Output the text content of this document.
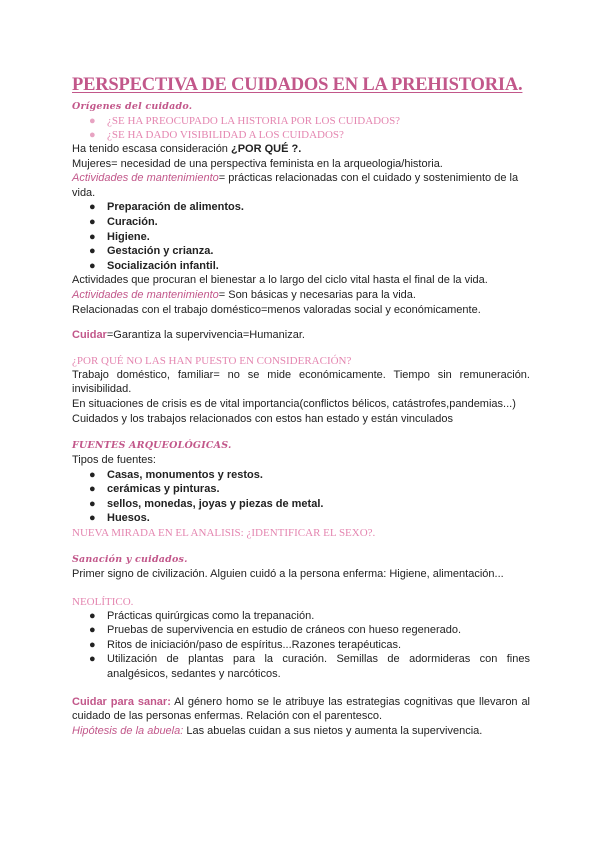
PERSPECTIVA DE CUIDADOS EN LA PREHISTORIA.
Orígenes del cuidado.
● ¿SE HA PREOCUPADO LA HISTORIA POR LOS CUIDADOS?
● ¿SE HA DADO VISIBILIDAD A LOS CUIDADOS?

Ha tenido escasa consideración ¿POR QUÉ ?.

Mujeres= necesidad de una perspectiva feminista en la arqueologia/historia.

Actividades de mantenimiento= prácticas relacionadas con el cuidado y sostenimiento de la vida.

● Preparación de alimentos.
● Curación.
● Higiene.
● Gestación y crianza.
● Socialización infantil.

Actividades que procuran el bienestar a lo largo del ciclo vital hasta el final de la vida.

Actividades de mantenimiento= Son básicas y necesarias para la vida.

Relacionadas con el trabajo doméstico=menos valoradas social y económicamente.

Cuidar=Garantiza la supervivencia=Humanizar.

¿POR QUÉ NO LAS HAN PUESTO EN CONSIDERACIÓN?

Trabajo doméstico, familiar= no se mide económicamente. Tiempo sin remuneración. invisibilidad.

En situaciones de crisis es de vital importancia(conflictos bélicos, catástrofes,pandemias...)

Cuidados y los trabajos relacionados con estos han estado y están vinculados

FUENTES ARQUEOLÓGICAS.

Tipos de fuentes:

● Casas, monumentos y restos.
● cerámicas y pinturas.
● sellos, monedas, joyas y piezas de metal.
● Huesos.
NUEVA MIRADA EN EL ANALISIS: ¿IDENTIFICAR EL SEXO?.
Sanación y cuidados.

Primer signo de civilización. Alguien cuidó a la persona enferma: Higiene, alimentación...

NEOLÍTICO.
● Prácticas quirúrgicas como la trepanación.
● Pruebas de supervivencia en estudio de cráneos con hueso regenerado.
● Ritos de iniciación/paso de espíritus...Razones terapéuticas.
● Utilización de plantas para la curación. Semillas de adormideras con fines analgésicos, sedantes y narcóticos.

Cuidar para sanar: Al género homo se le atribuye las estrategias cognitivas que llevaron al cuidado de las personas enfermas. Relación con el parentesco.

Hipótesis de la abuela: Las abuelas cuidan a sus nietos y aumenta la supervivencia.
